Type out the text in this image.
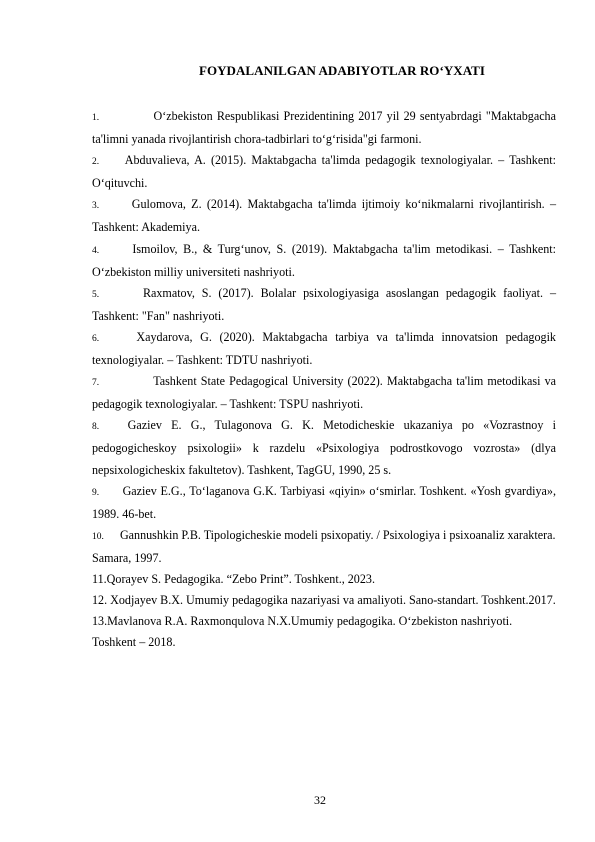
FOYDALANILGAN ADABIYOTLAR RO‘YXATI
1.	O‘zbekiston Respublikasi Prezidentining 2017 yil 29 sentyabrdagi "Maktabgacha ta'limni yanada rivojlantirish chora-tadbirlari to‘g‘risida"gi farmoni.
2. Abduvalieva, A. (2015). Maktabgacha ta'limda pedagogik texnologiyalar. – Tashkent: O‘qituvchi.
3.	Gulomova, Z. (2014). Maktabgacha ta'limda ijtimoiy ko‘nikmalarni rivojlantirish. – Tashkent: Akademiya.
4.	Ismoilov, B., & Turg‘unov, S. (2019). Maktabgacha ta'lim metodikasi. – Tashkent: O‘zbekiston milliy universiteti nashriyoti.
5.	Raxmatov, S. (2017). Bolalar psixologiyasiga asoslangan pedagogik faoliyat. – Tashkent: "Fan" nashriyoti.
6.	Xaydarova, G. (2020). Maktabgacha tarbiya va ta'limda innovatsion pedagogik texnologiyalar. – Tashkent: TDTU nashriyoti.
7.	Tashkent State Pedagogical University (2022). Maktabgacha ta'lim metodikasi va pedagogik texnologiyalar. – Tashkent: TSPU nashriyoti.
8. Gaziev E. G., Tulagonova G. K. Metodicheskie ukazaniya po «Vozrastnoy i pedogogicheskoy psixologii» k razdelu «Psixologiya podrostkovogo vozrosta» (dlya nepsixologicheskix fakultetov). Tashkent, TagGU, 1990, 25 s.
9. Gaziev E.G., To‘laganova G.K. Tarbiyasi «qiyin» o‘smirlar. Toshkent. «Yosh gvardiya», 1989. 46-bet.
10. Gannushkin P.B. Tipologicheskie modeli psixopatiy. / Psixologiya i psixoanaliz xaraktera.
Samara, 1997.
11.Qorayev S. Pedagogika. “Zebo Print”. Toshkent., 2023.
12. Xodjayev B.X. Umumiy pedagogika nazariyasi va amaliyoti. Sano-standart. Toshkent.2017.
13.Mavlanova R.A. Raxmonqulova N.X.Umumiy pedagogika. O‘zbekiston nashriyoti. Toshkent – 2018.
32
